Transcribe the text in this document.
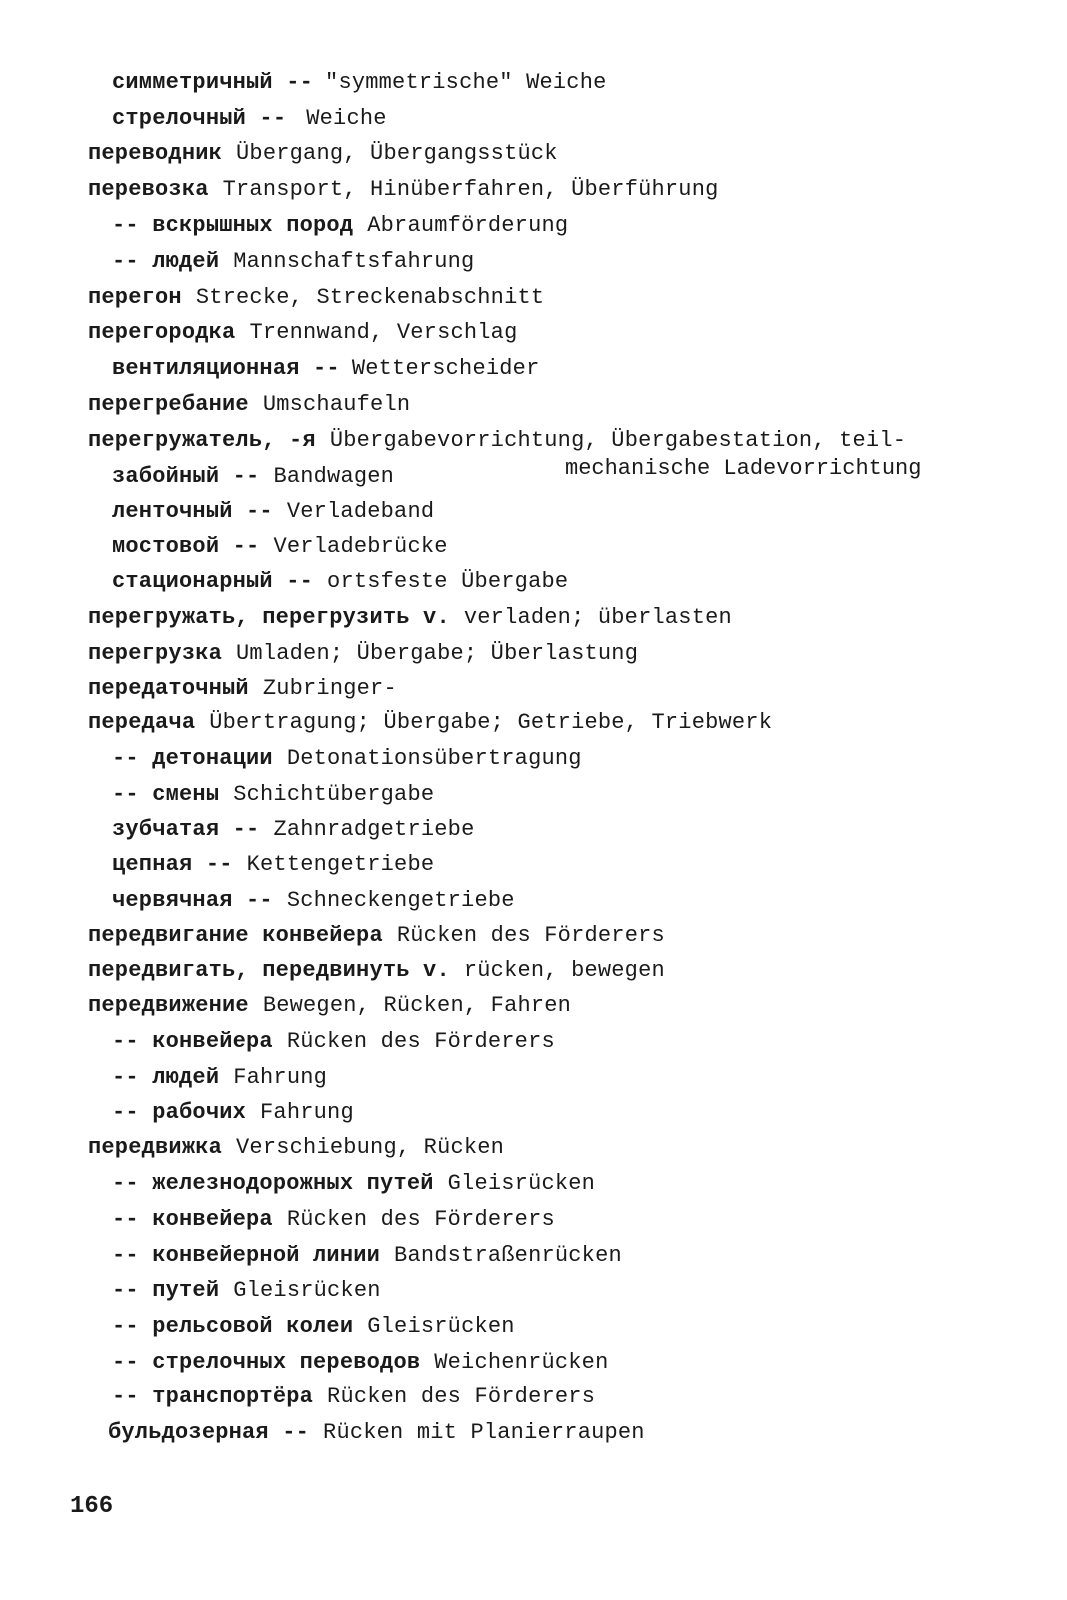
симметричный -- "symmetrische" Weiche
стрелочный -- Weiche
переводник Übergang, Übergangsstück
перевозка Transport, Hinüberfahren, Überführung
-- вскрышных пород Abraumförderung
-- людей Mannschaftsfahrung
перегон Strecke, Streckenabschnitt
перегородка Trennwand, Verschlag
вентиляционная -- Wetterscheider
перегребание Umschaufeln
перегружатель, -я Übergabevorrichtung, Übergabestation, teil-
забойный -- Bandwagen
ленточный -- Verladeband
мостовой -- Verladebrücke
стационарный -- ortsfeste Übergabe
перегружать, перегрузить v. verladen; überlasten
перегрузка Umladen; Übergabe; Überlastung
передаточный Zubringer-
передача Übertragung; Übergabe; Getriebe, Triebwerk
-- детонации Detonationsübertragung
-- смены Schichtübergabe
зубчатая -- Zahnradgetriebe
цепная -- Kettengetriebe
червячная -- Schneckengetriebe
передвигание конвейера Rücken des Förderers
передвигать, передвинуть v. rücken, bewegen
передвижение Bewegen, Rücken, Fahren
-- конвейера Rücken des Förderers
-- людей Fahrung
-- рабочих Fahrung
передвижка Verschiebung, Rücken
-- железнодорожных путей Gleisrücken
-- конвейера Rücken des Förderers
-- конвейерной линии Bandstraßenrücken
-- путей Gleisrücken
-- рельсовой колеи Gleisrücken
-- стрелочных переводов Weichenrücken
-- транспортёра Rücken des Förderers
бульдозерная -- Rücken mit Planierraupen
mechanische Ladevorrichtung
166
